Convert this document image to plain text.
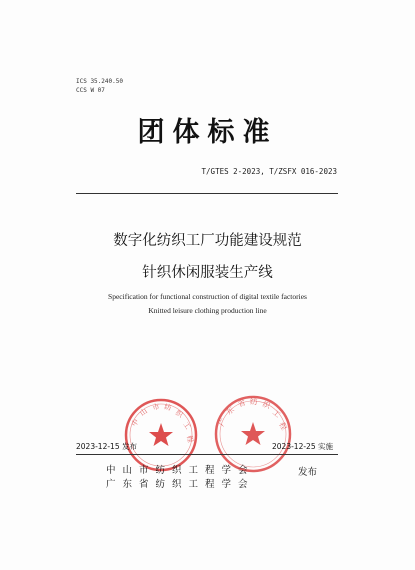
ICS 35.240.50
CCS W 07
团体标准
T/GTES 2-2023, T/ZSFX 016-2023
数字化纺织工厂功能建设规范
针织休闲服装生产线
Specification for functional construction of digital textile factories
Knitted leisure clothing production line
中
山 市 纺
织
工
程
广
东
省 纺 织
工
程
2023-12-15 发布	2023-12-25 实施
中山市纺织工程学会
广东省纺织工程学会
发布
